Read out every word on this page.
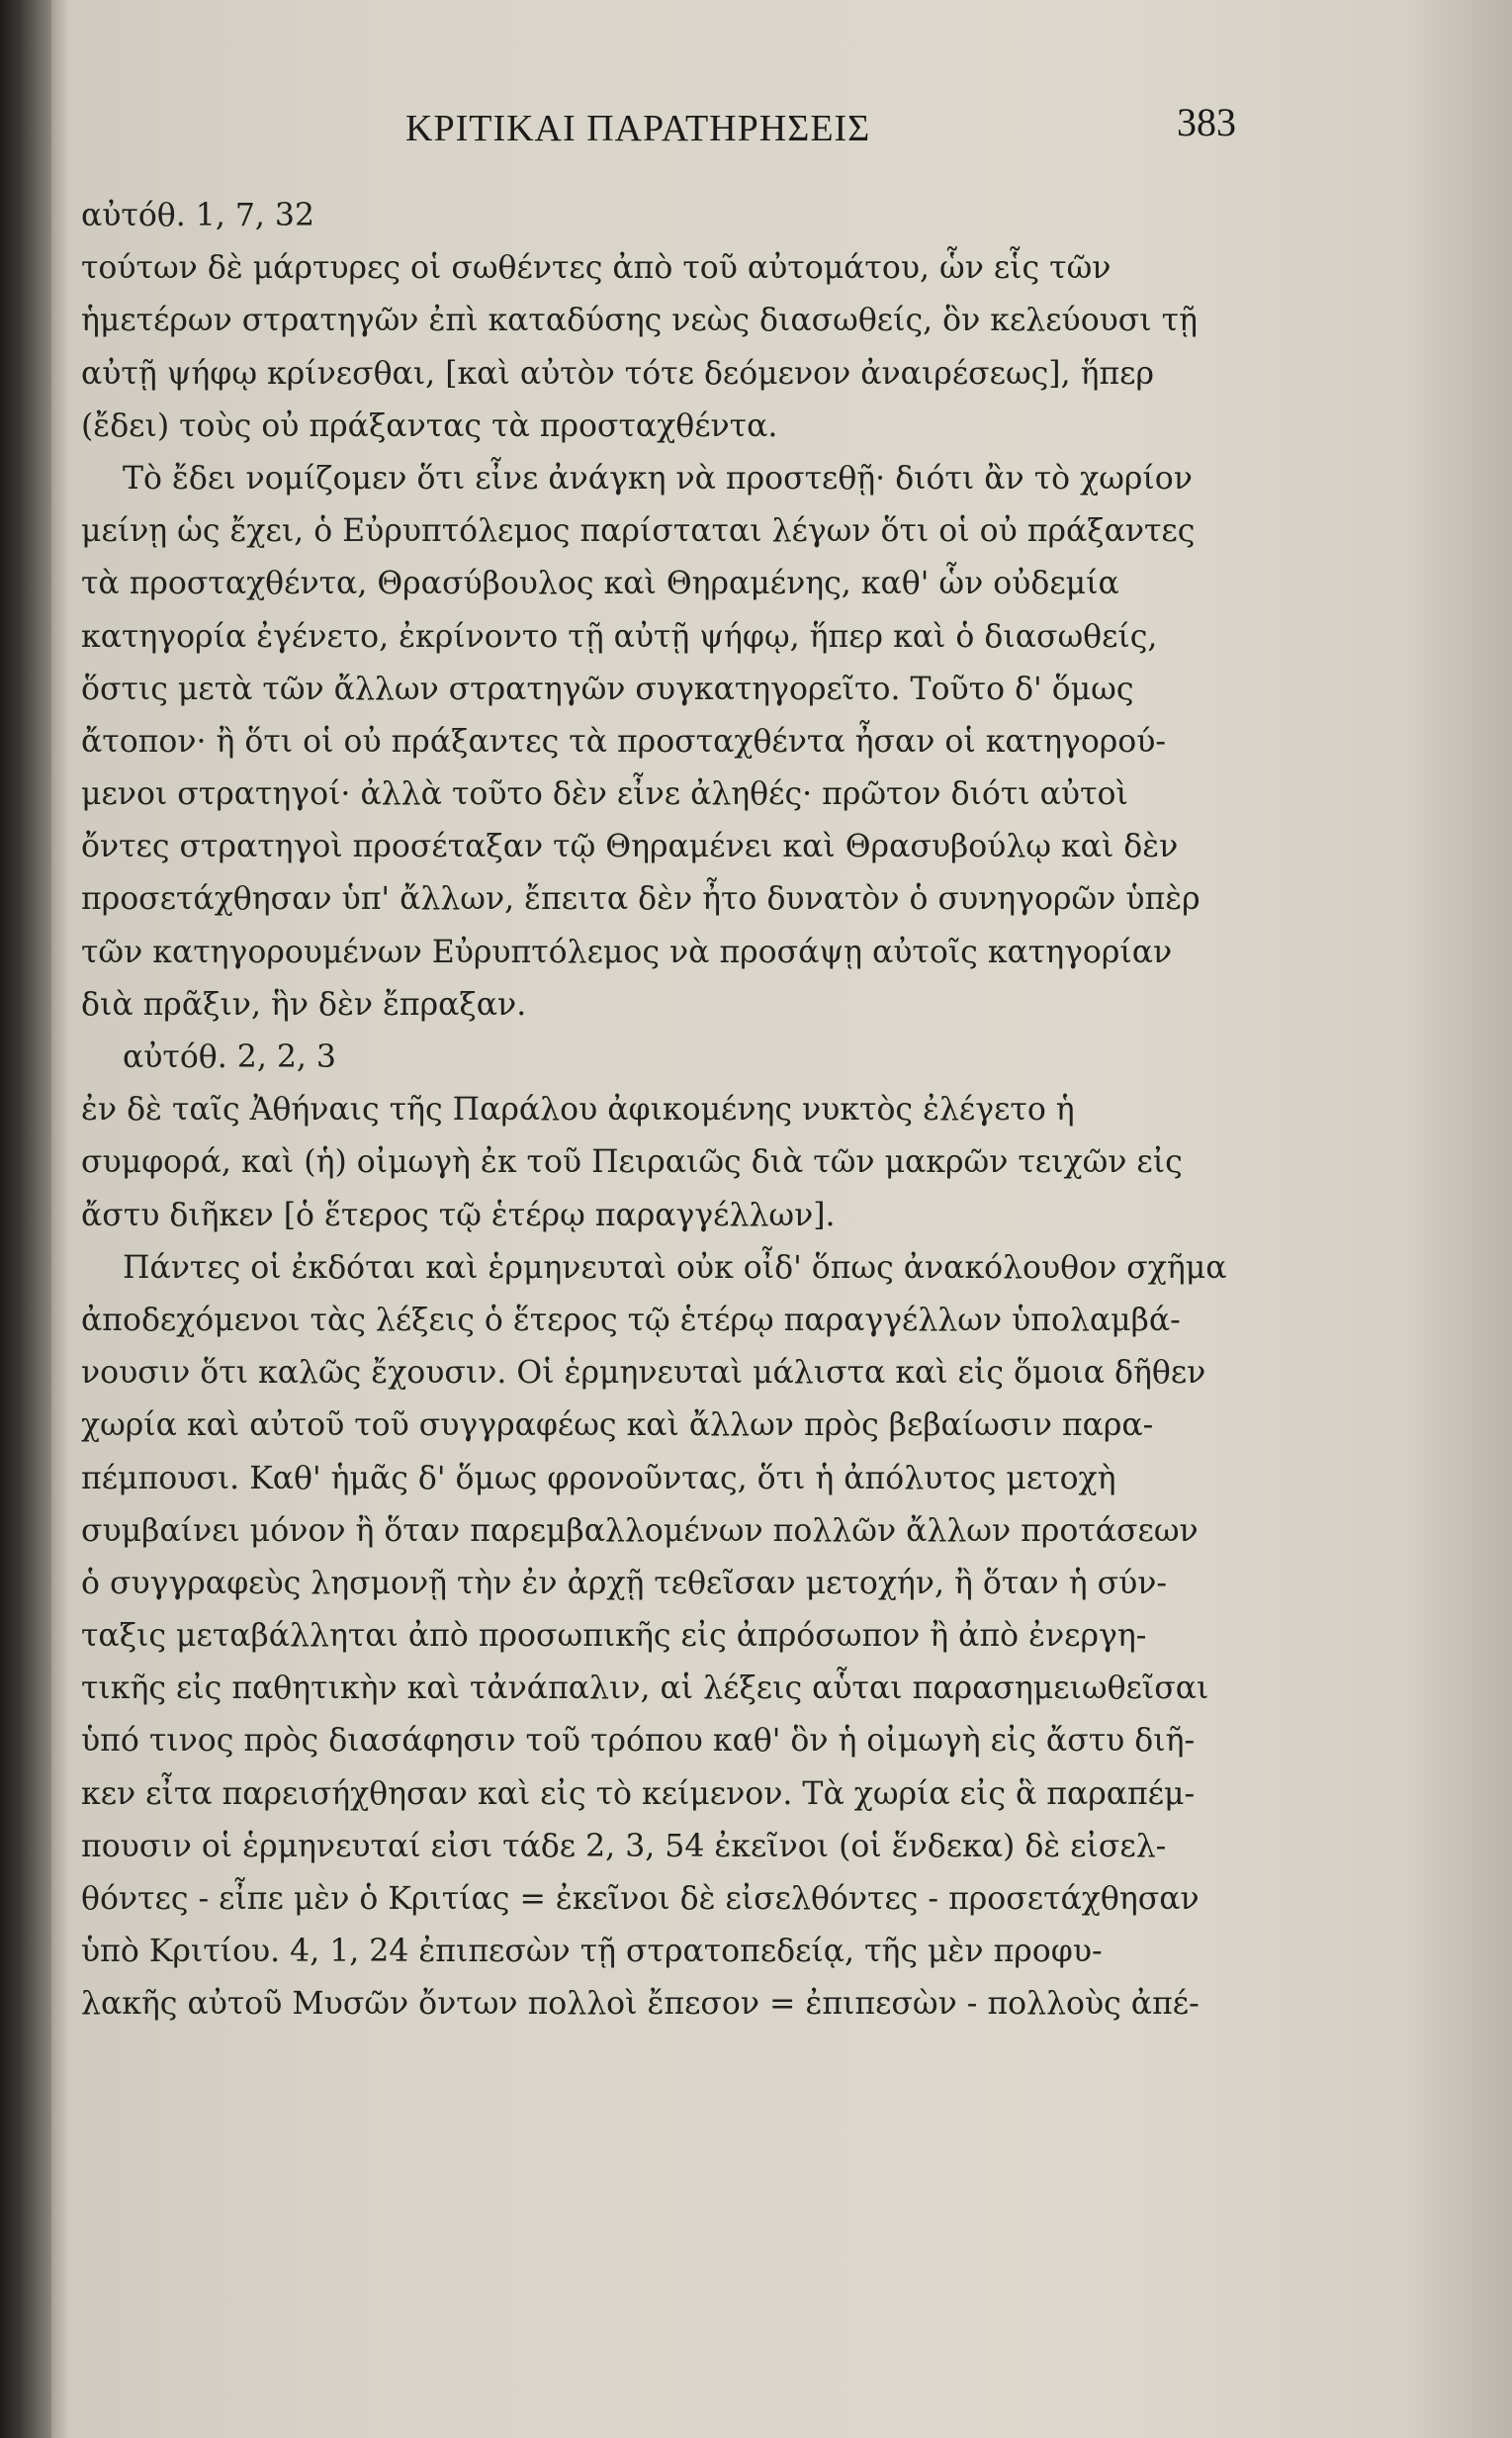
ΚΡΙΤΙΚΑΙ ΠΑΡΑΤΗΡΗΣΕΙΣ	383
αὐτόθ. 1, 7, 32
τούτων δὲ μάρτυρες οἱ σωθέντες ἀπὸ τοῦ αὐτομάτου, ὧν εἷς τῶν
ἡμετέρων στρατηγῶν ἐπὶ καταδύσης νεὼς διασωθείς, ὃν κελεύουσι τῇ
αὐτῇ ψήφῳ κρίνεσθαι, [καὶ αὐτὸν τότε δεόμενον ἀναιρέσεως], ἥπερ
(ἔδει) τοὺς οὐ πράξαντας τὰ προσταχθέντα.
Τὸ ἔδει νομίζομεν ὅτι εἶνε ἀνάγκη νὰ προστεθῇ· διότι ἂν τὸ χωρίον
μείνῃ ὡς ἔχει, ὁ Εὐρυπτόλεμος παρίσταται λέγων ὅτι οἱ οὐ πράξαντες
τὰ προσταχθέντα, Θρασύβουλος καὶ Θηραμένης, καθ' ὧν οὐδεμία
κατηγορία ἐγένετο, ἐκρίνοντο τῇ αὐτῇ ψήφῳ, ἥπερ καὶ ὁ διασωθείς,
ὅστις μετὰ τῶν ἄλλων στρατηγῶν συγκατηγορεῖτο. Τοῦτο δ' ὅμως
ἄτοπον· ἢ ὅτι οἱ οὐ πράξαντες τὰ προσταχθέντα ἦσαν οἱ κατηγορού-
μενοι στρατηγοί· ἀλλὰ τοῦτο δὲν εἶνε ἀληθές· πρῶτον διότι αὐτοὶ
ὄντες στρατηγοὶ προσέταξαν τῷ Θηραμένει καὶ Θρασυβούλῳ καὶ δὲν
προσετάχθησαν ὑπ' ἄλλων, ἔπειτα δὲν ἦτο δυνατὸν ὁ συνηγορῶν ὑπὲρ
τῶν κατηγορουμένων Εὐρυπτόλεμος νὰ προσάψῃ αὐτοῖς κατηγορίαν
διὰ πρᾶξιν, ἣν δὲν ἔπραξαν.
αὐτόθ. 2, 2, 3
ἐν δὲ ταῖς Ἀθήναις τῆς Παράλου ἀφικομένης νυκτὸς ἐλέγετο ἡ
συμφορά, καὶ (ἡ) οἰμωγὴ ἐκ τοῦ Πειραιῶς διὰ τῶν μακρῶν τειχῶν εἰς
ἄστυ διῆκεν [ὁ ἕτερος τῷ ἑτέρῳ παραγγέλλων].
Πάντες οἱ ἐκδόται καὶ ἑρμηνευταὶ οὐκ οἶδ' ὅπως ἀνακόλουθον σχῆμα
ἀποδεχόμενοι τὰς λέξεις ὁ ἕτερος τῷ ἑτέρῳ παραγγέλλων ὑπολαμβά-
νουσιν ὅτι καλῶς ἔχουσιν. Οἱ ἑρμηνευταὶ μάλιστα καὶ εἰς ὅμοια δῆθεν
χωρία καὶ αὐτοῦ τοῦ συγγραφέως καὶ ἄλλων πρὸς βεβαίωσιν παρα-
πέμπουσι. Καθ' ἡμᾶς δ' ὅμως φρονοῦντας, ὅτι ἡ ἀπόλυτος μετοχὴ
συμβαίνει μόνον ἢ ὅταν παρεμβαλλομένων πολλῶν ἄλλων προτάσεων
ὁ συγγραφεὺς λησμονῇ τὴν ἐν ἀρχῇ τεθεῖσαν μετοχήν, ἢ ὅταν ἡ σύν-
ταξις μεταβάλληται ἀπὸ προσωπικῆς εἰς ἀπρόσωπον ἢ ἀπὸ ἐνεργη-
τικῆς εἰς παθητικὴν καὶ τἀνάπαλιν, αἱ λέξεις αὗται παρασημειωθεῖσαι
ὑπό τινος πρὸς διασάφησιν τοῦ τρόπου καθ' ὃν ἡ οἰμωγὴ εἰς ἄστυ διῆ-
κεν εἶτα παρεισήχθησαν καὶ εἰς τὸ κείμενον. Τὰ χωρία εἰς ἃ παραπέμ-
πουσιν οἱ ἑρμηνευταί εἰσι τάδε 2, 3, 54 ἐκεῖνοι (οἱ ἕνδεκα) δὲ εἰσελ-
θόντες - εἶπε μὲν ὁ Κριτίας = ἐκεῖνοι δὲ εἰσελθόντες - προσετάχθησαν
ὑπὸ Κριτίου. 4, 1, 24 ἐπιπεσὼν τῇ στρατοπεδείᾳ, τῆς μὲν προφυ-
λακῆς αὐτοῦ Μυσῶν ὄντων πολλοὶ ἔπεσον = ἐπιπεσὼν - πολλοὺς ἀπέ-
